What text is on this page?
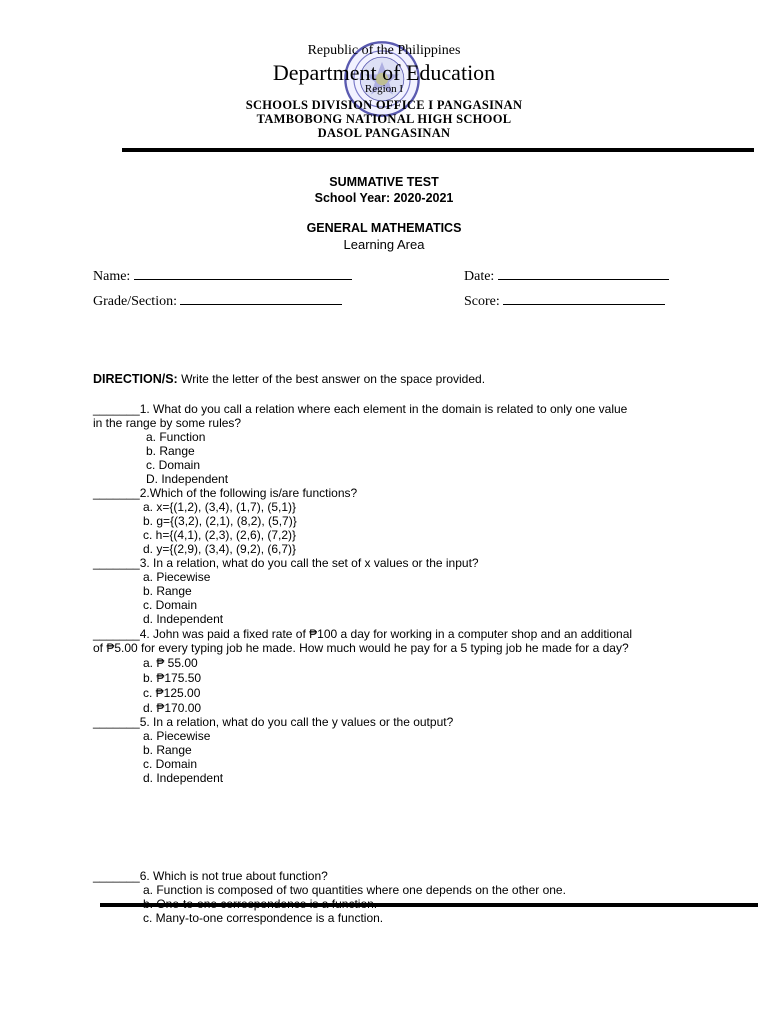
Republic of the Philippines
Department of Education
Region I
SCHOOLS DIVISION OFFICE I PANGASINAN
TAMBOBONG NATIONAL HIGH SCHOOL
DASOL PANGASINAN
SUMMATIVE TEST
School Year: 2020-2021
GENERAL MATHEMATICS
Learning Area
Name:	Date:
Grade/Section:	Score:
DIRECTION/S: Write the letter of the best answer on the space provided.
_______1. What do you call a relation where each element in the domain is related to only one value
in the range by some rules?
a. Function
b. Range
c. Domain
D. Independent
_______2.Which of the following is/are functions?
a. x={(1,2), (3,4), (1,7), (5,1)}
b. g={(3,2), (2,1), (8,2), (5,7)}
c. h={(4,1), (2,3), (2,6), (7,2)}
d. y={(2,9), (3,4), (9,2), (6,7)}
_______3. In a relation, what do you call the set of x values or the input?
a. Piecewise
b. Range
c. Domain
d. Independent
_______4. John was paid a fixed rate of ₱100 a day for working in a computer shop and an additional
of ₱5.00 for every typing job he made. How much would he pay for a 5 typing job he made for a day?
a. ₱ 55.00
b. ₱175.50
c. ₱125.00
d. ₱170.00
_______5. In a relation, what do you call the y values or the output?
a. Piecewise
b. Range
c. Domain
d. Independent
_______6. Which is not true about function?
a. Function is composed of two quantities where one depends on the other one.
c. Many-to-one correspondence is a function.
